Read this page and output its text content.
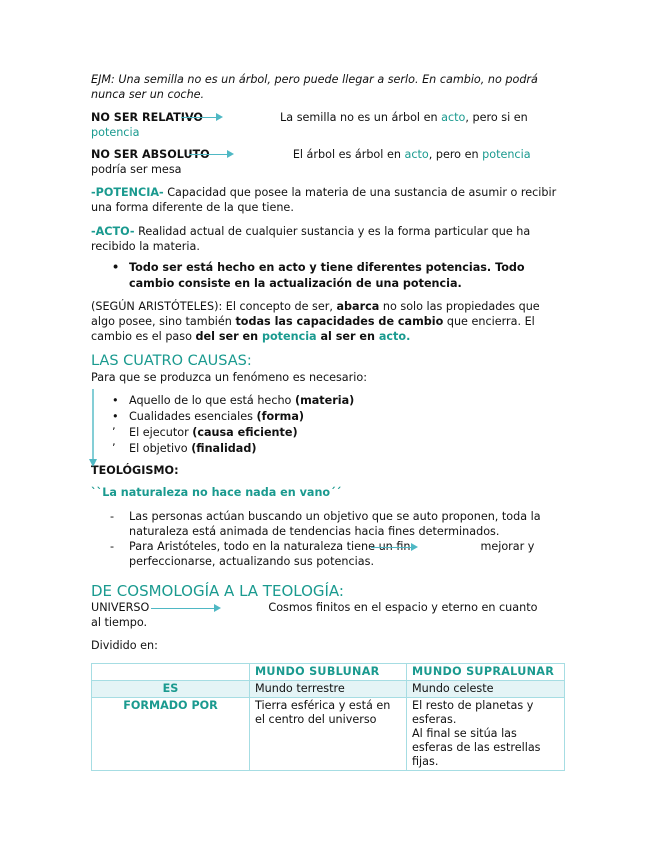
EJM: Una semilla no es un árbol, pero puede llegar a serlo. En cambio, no podrá nunca ser un coche.

NO SER RELATIVO	La semilla no es un árbol en acto, pero si en

potencia

NO SER ABSOLUTO	El árbol es árbol en acto, pero en potencia

podría ser mesa

-POTENCIA- Capacidad que posee la materia de una sustancia de asumir o recibir una forma diferente de la que tiene.

-ACTO- Realidad actual de cualquier sustancia y es la forma particular que ha recibido la materia.

• Todo ser está hecho en acto y tiene diferentes potencias. Todo cambio consiste en la actualización de una potencia.

(SEGÚN ARISTÓTELES): El concepto de ser, abarca no solo las propiedades que algo posee, sino también todas las capacidades de cambio que encierra. El cambio es el paso del ser en potencia al ser en acto.

LAS CUATRO CAUSAS:

Para que se produzca un fenómeno es necesario:

• Aquello de lo que está hecho (materia)
• Cualidades esenciales (forma)
ʼ El ejecutor (causa eficiente)
ʼ El objetivo (finalidad)

TEOLÓGISMO:

``La naturaleza no hace nada en vano´´

- Las personas actúan buscando un objetivo que se auto proponen, toda la naturaleza está animada de tendencias hacia fines determinados.
- Para Aristóteles, todo en la naturaleza tiene un fin	mejorar y
perfeccionarse, actualizando sus potencias.

DE COSMOLOGÍA A LA TEOLOGÍA:

UNIVERSO	Cosmos finitos en el espacio y eterno en cuanto

al tiempo.

Dividido en:

	MUNDO SUBLUNAR	MUNDO SUPRALUNAR
ES	Mundo terrestre	Mundo celeste
FORMADO POR	Tierra esférica y está en el centro del universo	El resto de planetas y esferas.
Al final se sitúa las esferas de las estrellas fijas.
